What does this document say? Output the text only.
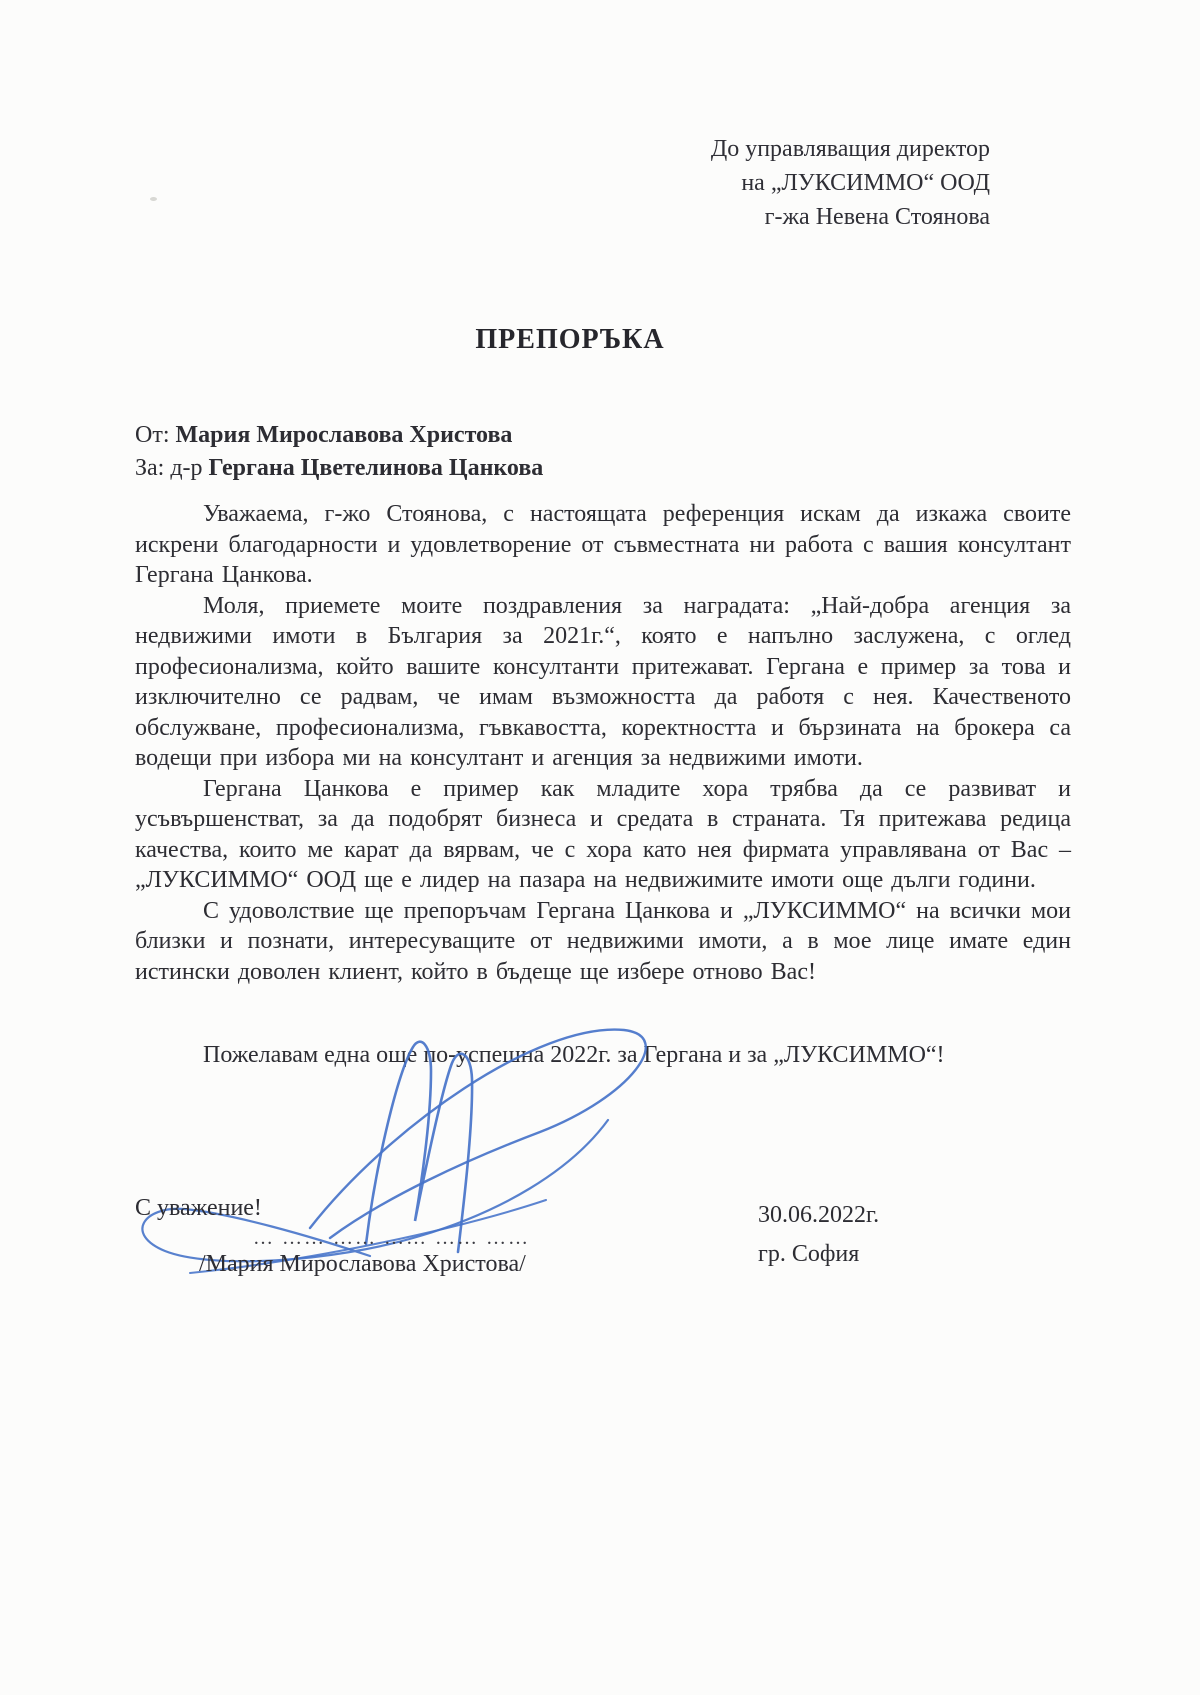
До управляващия директор
на „ЛУКСИММО“ ООД
г-жа Невена Стоянова
ПРЕПОРЪКА
От: Мария Мирославова Христова
За: д-р Гергана Цветелинова Цанкова

Уважаема, г-жо Стоянова, с настоящата референция искам да изкажа своите искрени благодарности и удовлетворение от съвместната ни работа с вашия консултант Гергана Цанкова.

Моля, приемете моите поздравления за наградата: „Най-добра агенция за недвижими имоти в България за 2021г.“, която е напълно заслужена, с оглед професионализма, който вашите консултанти притежават. Гергана е пример за това и изключително се радвам, че имам възможността да работя с нея. Качественото обслужване, професионализма, гъвкавостта, коректността и бързината на брокера са водещи при избора ми на консултант и агенция за недвижими имоти.

Гергана Цанкова е пример как младите хора трябва да се развиват и усъвършенстват, за да подобрят бизнеса и средата в страната. Тя притежава редица качества, които ме карат да вярвам, че с хора като нея фирмата управлявана от Вас – „ЛУКСИММО“ ООД ще е лидер на пазара на недвижимите имоти още дълги години.

С удоволствие ще препоръчам Гергана Цанкова и „ЛУКСИММО“ на всички мои близки и познати, интересуващите от недвижими имоти, а в мое лице имате един истински доволен клиент, който в бъдеще ще избере отново Вас!

Пожелавам една още по-успешна 2022г. за Гергана и за „ЛУКСИММО“!

С уважение!
… …… …… …… …… ……
/Мария Мирославова Христова/
30.06.2022г.
гр. София
